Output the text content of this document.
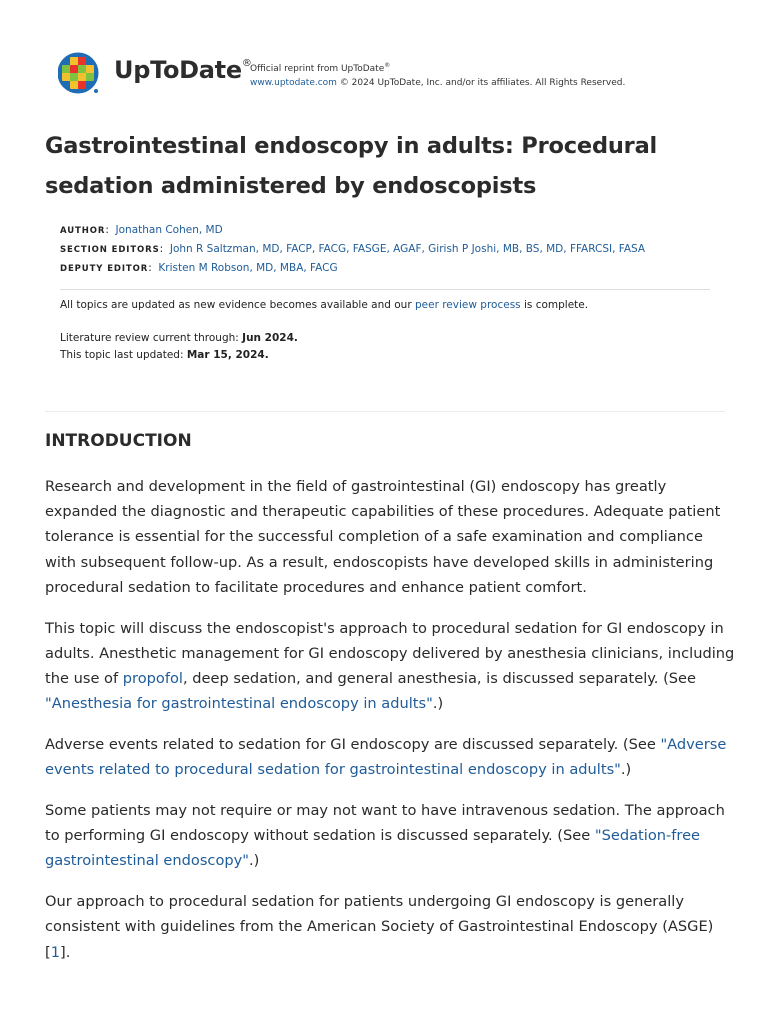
UpToDate®
Official reprint from UpToDate®
www.uptodate.com © 2024 UpToDate, Inc. and/or its affiliates. All Rights Reserved.
Gastrointestinal endoscopy in adults: Procedural sedation administered by endoscopists
AUTHOR:  Jonathan Cohen, MD
SECTION EDITORS:  John R Saltzman, MD, FACP, FACG, FASGE, AGAF, Girish P Joshi, MB, BS, MD, FFARCSI, FASA
DEPUTY EDITOR:  Kristen M Robson, MD, MBA, FACG
All topics are updated as new evidence becomes available and our peer review process is complete.
Literature review current through: Jun 2024.
This topic last updated: Mar 15, 2024.
INTRODUCTION

Research and development in the field of gastrointestinal (GI) endoscopy has greatly expanded the diagnostic and therapeutic capabilities of these procedures. Adequate patient tolerance is essential for the successful completion of a safe examination and compliance with subsequent follow-up. As a result, endoscopists have developed skills in administering procedural sedation to facilitate procedures and enhance patient comfort.

This topic will discuss the endoscopist's approach to procedural sedation for GI endoscopy in adults. Anesthetic management for GI endoscopy delivered by anesthesia clinicians, including the use of propofol, deep sedation, and general anesthesia, is discussed separately. (See "Anesthesia for gastrointestinal endoscopy in adults".)

Adverse events related to sedation for GI endoscopy are discussed separately. (See "Adverse events related to procedural sedation for gastrointestinal endoscopy in adults".)

Some patients may not require or may not want to have intravenous sedation. The approach to performing GI endoscopy without sedation is discussed separately. (See "Sedation-free gastrointestinal endoscopy".)

Our approach to procedural sedation for patients undergoing GI endoscopy is generally consistent with guidelines from the American Society of Gastrointestinal Endoscopy (ASGE) [1].
